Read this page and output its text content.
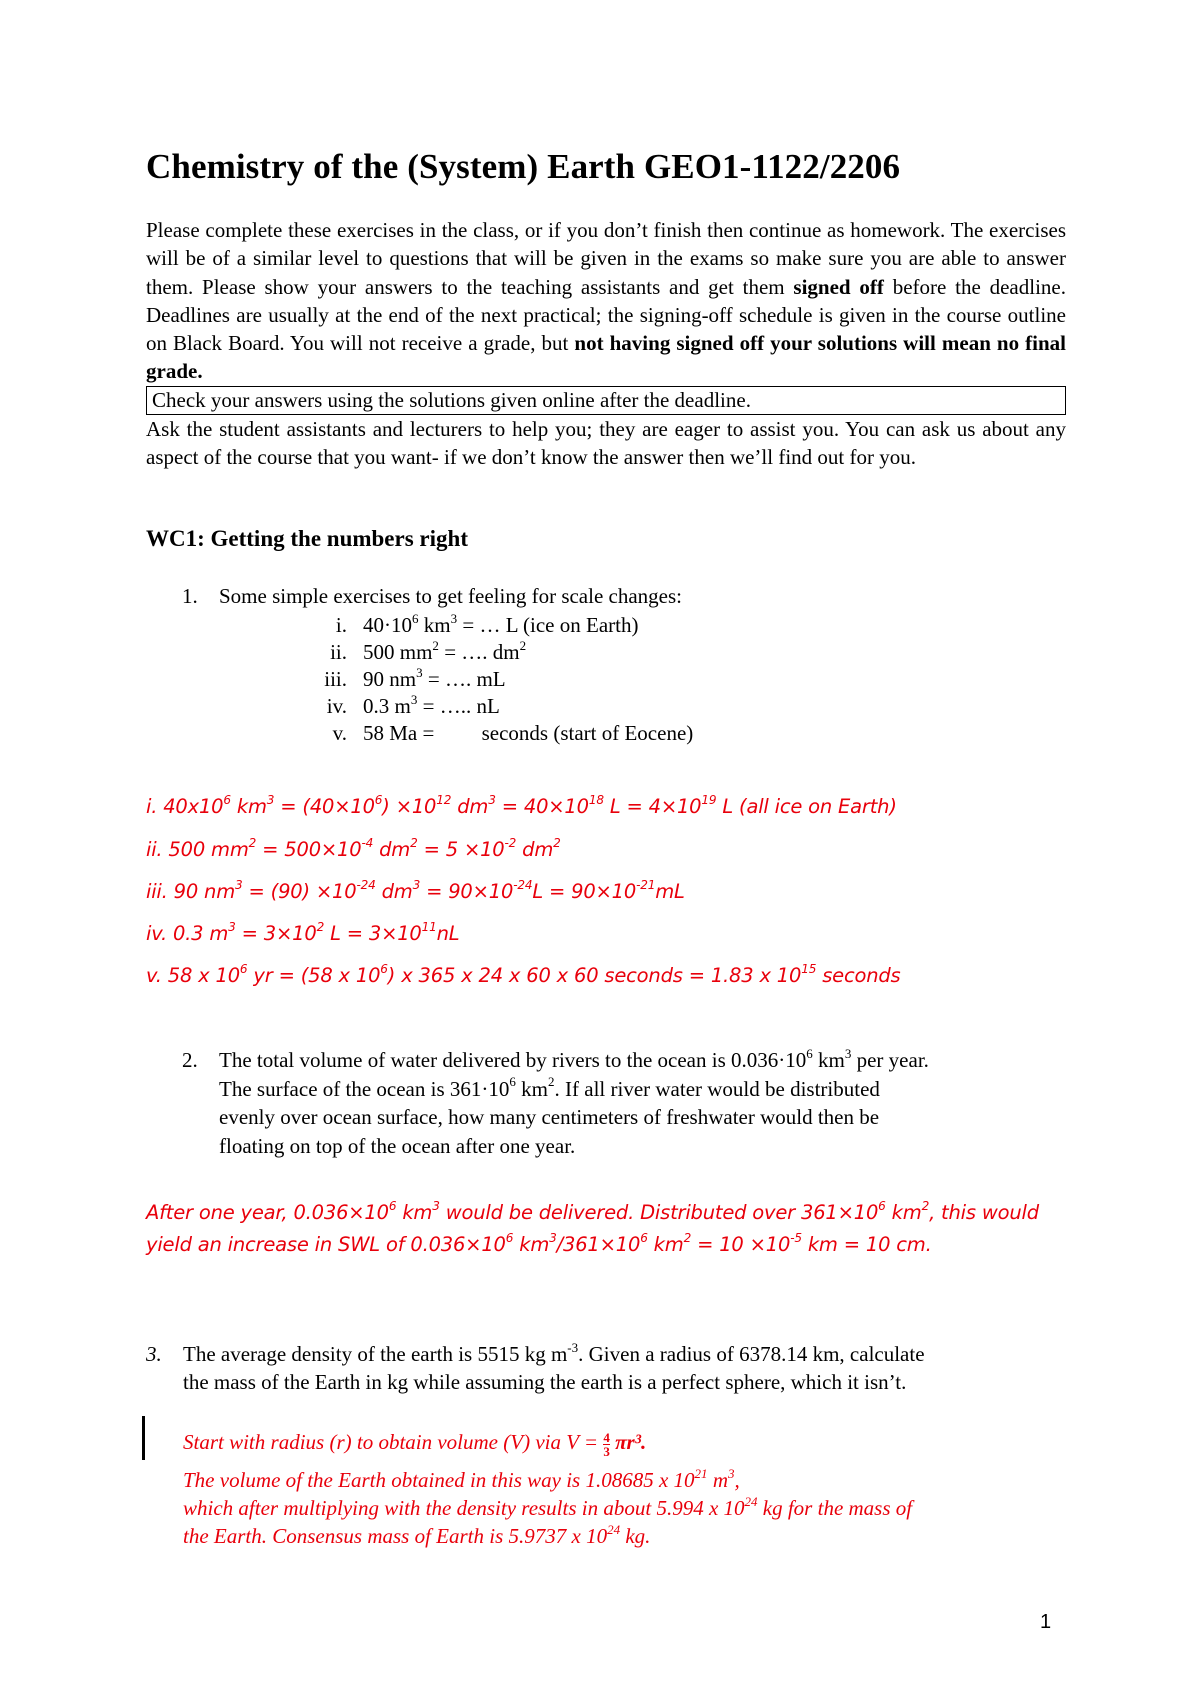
Chemistry of the (System) Earth GEO1-1122/2206

Please complete these exercises in the class, or if you don’t finish then continue as homework. The exercises will be of a similar level to questions that will be given in the exams so make sure you are able to answer them. Please show your answers to the teaching assistants and get them signed off before the deadline. Deadlines are usually at the end of the next practical; the signing-off schedule is given in the course outline on Black Board. You will not receive a grade, but not having signed off your solutions will mean no final grade.

Check your answers using the solutions given online after the deadline.

Ask the student assistants and lecturers to help you; they are eager to assist you. You can ask us about any aspect of the course that you want- if we don’t know the answer then we’ll find out for you.

WC1: Getting the numbers right
1. Some simple exercises to get feeling for scale changes:
i. $40\cdot 10^6$ $km^3$ = … L (ice on Earth)
ii. 500 $mm^2$ = …. $dm^2$
iii. 90 $nm^3$ = …. mL
iv. 0.3 $m^3$ = ….. nL
v. 58 Ma =         seconds (start of Eocene)
i. $40x10^6$ $km^3 = (40\times 10^6) \times 10^{12}$ $dm^3 = 40\times 10^{18}$ $L = 4\times 10^{19}$ L (all ice on Earth)
ii. 500 $mm^2 = 500\times 10^{-4}$ $dm^2 = 5 \times 10^{-2}$ $dm^2$
iii. 90 $nm^3 = (90) \times 10^{-24}$ $dm^3 = 90\times 10^{-24}L = 90\times 10^{-21}mL$
iv. 0.3 $m^3 = 3\times 10^2$ $L = 3\times 10^{11}nL$
v. 58 x $10^6$ yr = (58 x $10^6$) x 365 x 24 x 60 x 60 seconds = 1.83 x $10^{15}$ seconds
2. The total volume of water delivered by rivers to the ocean is $0.036\cdot 10^6$ $km^3$ per year.
The surface of the ocean is $361\cdot 10^6$ $km^2$. If all river water would be distributed
evenly over ocean surface, how many centimeters of freshwater would then be
floating on top of the ocean after one year.
After one year, $0.036\times 10^6$ $km^3$ would be delivered. Distributed over $361\times 10^6$ $km^2$, this would
yield an increase in SWL of $0.036\times 10^6$ $km^3/361\times 10^6$ $km^2 = 10 \times 10^{-5}$ km = 10 cm.
3. The average density of the earth is 5515 kg $m^{-3}$. Given a radius of 6378.14 km, calculate
the mass of the Earth in kg while assuming the earth is a perfect sphere, which it isn’t.
Start with radius (r) to obtain volume (V) via $V = \frac{4}{3} \pi r^3$.
The volume of the Earth obtained in this way is 1.08685 x $10^{21}$ $m^3$,
which after multiplying with the density results in about 5.994 x $10^{24}$ kg for the mass of
the Earth. Consensus mass of Earth is 5.9737 x $10^{24}$ kg.
1
